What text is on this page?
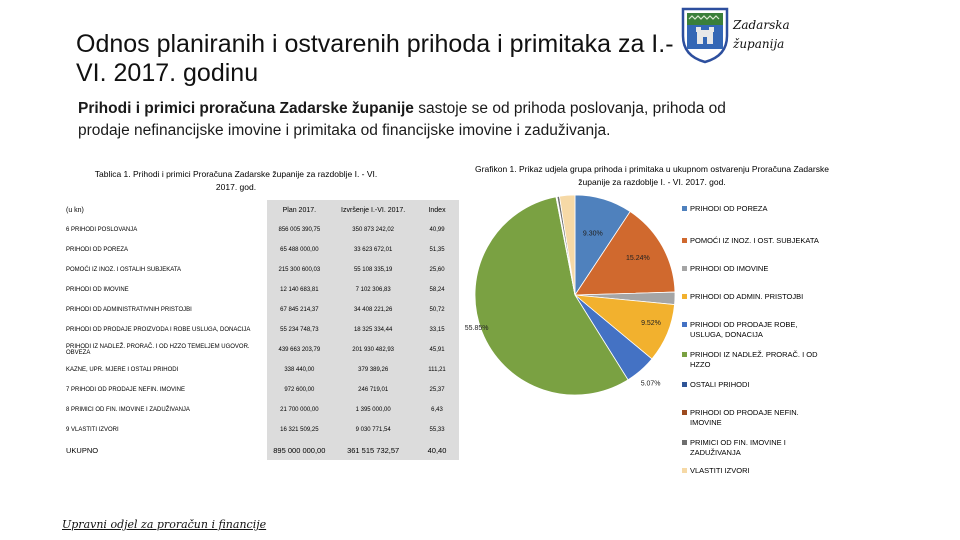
Odnos planiranih i ostvarenih prihoda i primitaka za I.-VI. 2017. godinu
Zadarska
županija
Prihodi i primici proračuna Zadarske županije sastoje se od prihoda poslovanja, prihoda od prodaje nefinancijske imovine i primitaka od financijske imovine i zaduživanja.
Tablica 1. Prihodi i primici Proračuna Zadarske županije za razdoblje I. - VI. 2017. god.
Grafikon 1. Prikaz udjela grupa prihoda i primitaka u ukupnom ostvarenju Proračuna Zadarske županije za razdoblje I. - VI. 2017. god.
(u kn)	Plan 2017.	Izvršenje I.-VI. 2017.	Index
6 PRIHODI POSLOVANJA	856 005 390,75	350 873 242,02	40,99
PRIHODI OD POREZA	65 488 000,00	33 623 672,01	51,35
POMOĆI IZ INOZ. I OSTALIH SUBJEKATA	215 300 600,03	55 108 335,19	25,60
PRIHODI OD IMOVINE	12 140 683,81	7 102 306,83	58,24
PRIHODI OD ADMINISTRATIVNIH PRISTOJBI	67 845 214,37	34 408 221,26	50,72
PRIHODI OD PRODAJE PROIZVODA I ROBE USLUGA, DONACIJA	55 234 748,73	18 325 334,44	33,15
PRIHODI IZ NADLEŽ. PRORAČ. I OD HZZO TEMELJEM UGOVOR. OBVEZA	439 663 203,79	201 930 482,93	45,91
KAZNE, UPR. MJERE I OSTALI PRIHODI	338 440,00	379 389,26	111,21
7 PRIHODI OD PRODAJE NEFIN. IMOVINE	972 600,00	246 719,01	25,37
8 PRIMICI OD FIN. IMOVINE I ZADUŽIVANJA	21 700 000,00	1 395 000,00	6,43
9 VLASTITI IZVORI	16 321 509,25	9 030 771,54	55,33
UKUPNO	895 000 000,00	361 515 732,57	40,40
9.30%
15.24%
9.52%
5.07%
55.85%
PRIHODI OD POREZA
POMOĆI IZ INOZ. I OST. SUBJEKATA
PRIHODI OD IMOVINE
PRIHODI OD ADMIN. PRISTOJBI
PRIHODI OD PRODAJE ROBE, USLUGA, DONACIJA
PRIHODI IZ NADLEŽ. PRORAČ. I OD HZZO
OSTALI PRIHODI
PRIHODI OD PRODAJE NEFIN. IMOVINE
PRIMICI OD FIN. IMOVINE I ZADUŽIVANJA
VLASTITI IZVORI
Upravni odjel za proračun i financije
